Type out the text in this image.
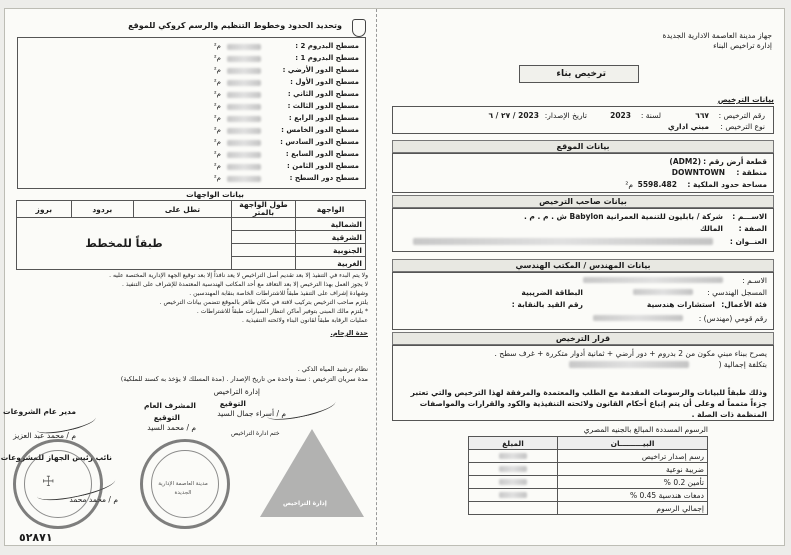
جهاز مدينة العاصمة الادارية الجديدة
إدارة تراخيص البناء
ترخيص بناء
بيانات الترخيص
رقم الترخيص :
٦٦٧
لسنة :
2023
تاريخ الإصدار:
٢٧ / ٦ / 2023
نوع الترخيص :
مبني اداري
بيانات الموقع
قطعة أرض رقم :
(ADM2)
منطقة :
DOWNTOWN
مساحة حدود الملكية :
5598.482
م²
بيانات صاحب الترخيص
الاســـم :
شركة / بابليون للتنمية العمرانية Babylon ش . م . م .
الصفة :
المالك
العنــوان :
بيانات المهندس / المكتب الهندسي
الاسـم :
المسجل الهندسي :
البطاقة الضريبية
فئة الأعمال:
استشارات هندسية
رقم القيد بالنقابة :
رقم قومي (مهندس) :
قرار الترخيص
يصرح ببناء مبني مكون من 2 بدروم + دور أرضي + ثمانية أدوار متكررة + غرف سطح .
بتكلفة إجمالية (
وذلك طبقاً للبيانات والرسومات المقدمة مع الطلب والمعتمدة والمرفقة لهذا الترخيص والتي تعتبر
جزءاً متمماً له وعلى أن يتم إتباع أحكام القانون ولائحته التنفيذية والكود والقرارات والمواصفات
المنظمة ذات الصلة .
الرسوم المسددة المبالغ بالجنيه المصري
البيـــــــــان	المبلغ
رسم إصدار تراخيص	

ضريبة نوعية	

تأمين 0.2 %	

دمغات هندسية 0.45 %	

إجمالي الرسوم	
وتحديد الحدود وخطوط التنظيم والرسم كروكي للموقع
مسطح البدروم 2 :
م²
مسطح البدروم 1 :
م²
مسطح الدور الأرضي :
م²
مسطح الدور الأول :
م²
مسطح الدور الثاني :
م²
مسطح الدور الثالث :
م²
مسطح الدور الرابع :
م²
مسطح الدور الخامس :
م²
مسطح الدور السادس :
م²
مسطح الدور السابع :
م²
مسطح الدور الثامن :
م²
مسطح دور السطح :
م²
بيانات الواجهات
الواجهة	طول الواجهة بالمتر	تطل على	بردود	بروز
الشمالية		طبقاً للمخطط		
الشرقية				
الجنوبية				
الغربية				
ولا يتم البدء في التنفيذ إلا بعد تقديم أصل التراخيص لا يعد نافذاً إلا بعد توقيع الجهة الإدارية المختصة عليه .
لا يجوز العمل بهذا الترخيص إلا بعد التعاقد مع أحد المكاتب الهندسية المعتمدة للإشراف على التنفيذ .
وشهادة إشراف على التنفيذ طبقاً للاشتراطات الخاصة بنقابة المهندسين .
يلتزم صاحب الترخيص بتركيب لافتة في مكان ظاهر بالموقع تتضمن بيانات الترخيص .
* يلتزم مالك المبنى بتوفير أماكن انتظار السيارات طبقاً للاشتراطات .
عمليات الرقابة طبقاً لقانون البناء ولائحته التنفيذية .
حدة الزحام.
نظام ترشيد المياه الذكي .
مدة سريان الترخيص : سنة واحدة من تاريخ الإصدار . (مدة المسلك لا يؤخذ به كسند للملكية)
إدارة التراخيص
التوقيع
م / أسراء جمال السيد
المشرف العام
التوقيع
م / محمد السيد
مدير عام الشروعات
م / محمد عبد العزيز
نائب رئيس الجهاز للمشروعات
م / محمد محمد
☩	مدينة العاصمة الإدارية الجديدة
إدارة التراخيص
ختم ادارة التراخيص
٥٢٨٧١
